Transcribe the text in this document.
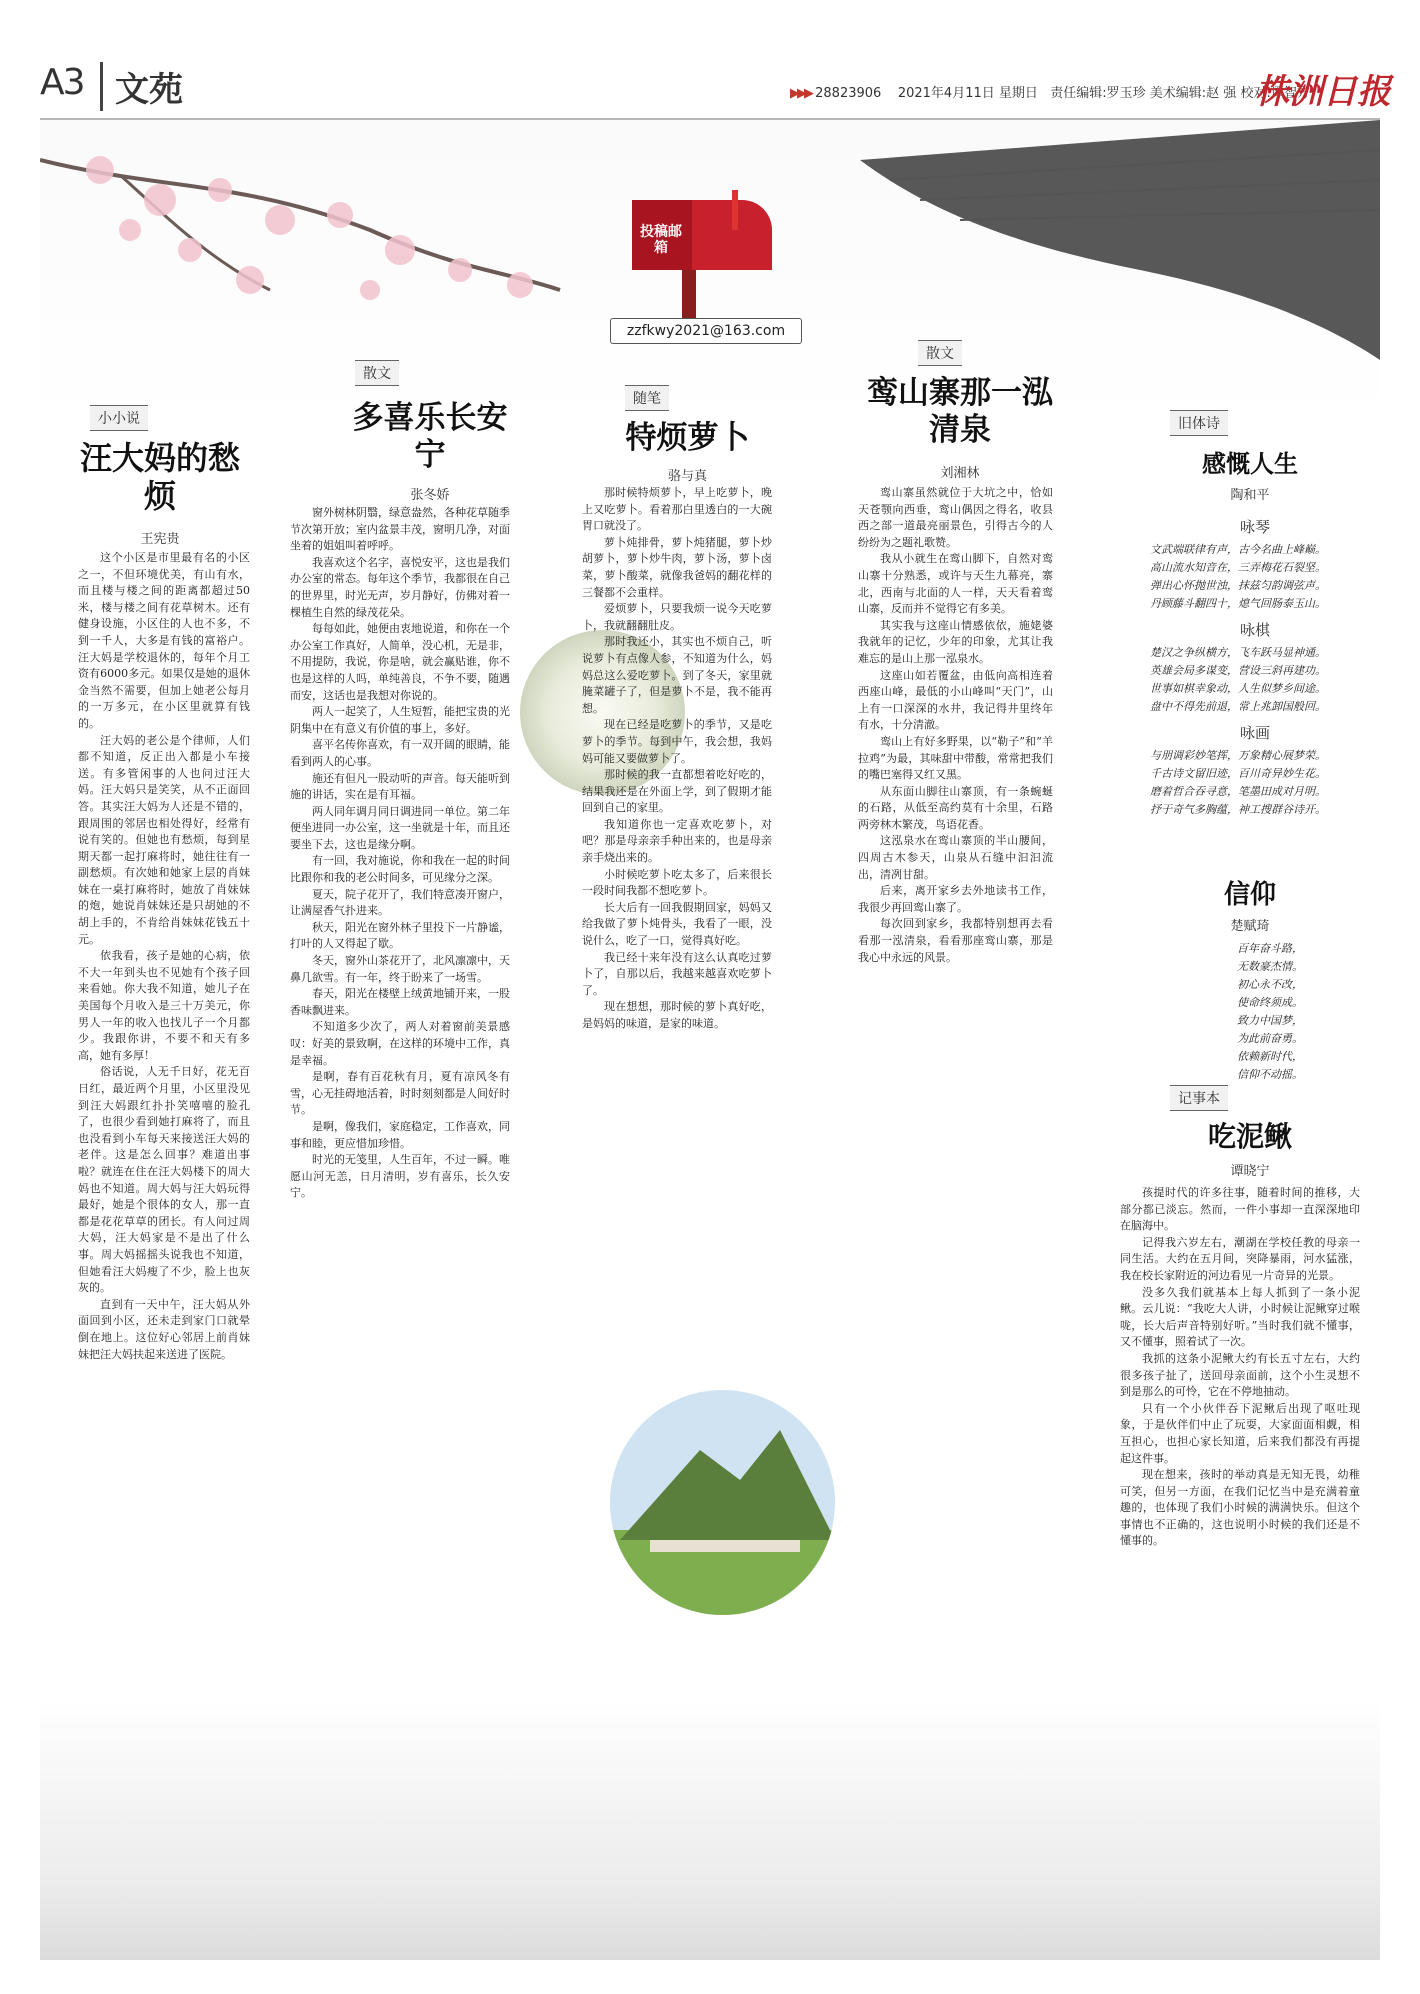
A3 文苑	▶▶▶ 28823906 2021年4月11日 星期日 责任编辑:罗玉珍 美术编辑:赵 强 校对:谭智方
株洲日报
投稿邮箱
zzfkwy2021@163.com
小小说
汪大妈的愁烦
王宪贵

这个小区是市里最有名的小区之一，不但环境优美，有山有水，而且楼与楼之间的距离都超过50米，楼与楼之间有花草树木。还有健身设施，小区住的人也不多，不到一千人，大多是有钱的富裕户。汪大妈是学校退休的，每年个月工资有6000多元。如果仅是她的退休金当然不需要，但加上她老公每月的一万多元，在小区里就算有钱的。

汪大妈的老公是个律师，人们都不知道，反正出入都是小车接送。有多管闲事的人也问过汪大妈。汪大妈只是笑笑，从不正面回答。其实汪大妈为人还是不错的，跟周围的邻居也相处得好，经常有说有笑的。但她也有愁烦，每到星期天都一起打麻将时，她往往有一副愁烦。有次她和她家上层的肖妹妹在一桌打麻将时，她放了肖妹妹的炮，她说肖妹妹还是只胡她的不胡上手的，不肯给肖妹妹花钱五十元。

依我看，孩子是她的心病，依不大一年到头也不见她有个孩子回来看她。你大我不知道，她儿子在美国每个月收入是三十万美元，你男人一年的收入也找儿子一个月都少。我跟你讲，不要不和天有多高，她有多厚！

俗话说，人无千日好，花无百日红，最近两个月里，小区里没见到汪大妈跟红扑扑笑嘻嘻的脸孔了，也很少看到她打麻将了，而且也没看到小车每天来接送汪大妈的老伴。这是怎么回事？难道出事啦？就连在住在汪大妈楼下的周大妈也不知道。周大妈与汪大妈玩得最好，她是个很体的女人，那一直都是花花草草的团长。有人问过周大妈，汪大妈家是不是出了什么事。周大妈摇摇头说我也不知道，但她看汪大妈瘦了不少，脸上也灰灰的。

直到有一天中午，汪大妈从外面回到小区，还未走到家门口就晕倒在地上。这位好心邻居上前肖妹妹把汪大妈扶起来送进了医院。

散文
多喜乐长安宁
张冬娇

窗外树林阴翳，绿意盎然，各种花草随季节次第开放；室内盆景丰茂，窗明几净，对面坐着的姐姐叫着呼呼。

我喜欢这个名字，喜悦安平，这也是我们办公室的常态。每年这个季节，我都很在自己的世界里，时光无声，岁月静好，仿佛对着一棵植生自然的绿茂花朵。

每每如此，她便由衷地说道，和你在一个办公室工作真好，人简单，没心机，无是非，不用提防，我说，你是啥，就会赢贴谁，你不也是这样的人吗，单纯善良，不争不要，随遇而安，这话也是我想对你说的。

两人一起笑了，人生短暂，能把宝贵的光阴集中在有意义有价值的事上，多好。

喜平名传你喜欢，有一双开阔的眼睛，能看到两人的心事。

施还有但凡一股动听的声音。每天能听到施的讲话，实在是有耳福。

两人同年调月同日调进同一单位。第二年便坐进同一办公室，这一坐就是十年，而且还要坐下去，这也是缘分啊。

有一回，我对施说，你和我在一起的时间比跟你和我的老公时间多，可见缘分之深。

夏天，院子花开了，我们特意凑开窗户，让满屋香气扑进来。

秋天，阳光在窗外林子里投下一片静谧，打叶的人又得起了歇。

冬天，窗外山茶花开了，北风凛凛中，天鼻几欲雪。有一年，终于盼来了一场雪。

春天，阳光在楼壁上绒黄地铺开来，一股香味飘进来。

不知道多少次了，两人对着窗前美景感叹：好美的景致啊，在这样的环境中工作，真是幸福。

是啊，春有百花秋有月，夏有凉风冬有雪，心无挂碍地活着，时时刻刻都是人间好时节。

是啊，像我们，家庭稳定，工作喜欢，同事和睦，更应惜加珍惜。

时光的无笺里，人生百年，不过一瞬。唯愿山河无恙，日月清明，岁有喜乐，长久安宁。

随笔
特烦萝卜
骆与真

那时候特烦萝卜，早上吃萝卜，晚上又吃萝卜。看着那白里透白的一大碗胃口就没了。

萝卜炖排骨，萝卜炖猪腿，萝卜炒胡萝卜，萝卜炒牛肉，萝卜汤，萝卜卤菜，萝卜酸菜，就像我爸妈的翻花样的三餐都不会重样。

爱烦萝卜，只要我烦一说今天吃萝卜，我就翻翻肚皮。

那时我还小，其实也不烦自己，听说萝卜有点像人参，不知道为什么，妈妈总这么爱吃萝卜。到了冬天，家里就腌菜罐子了，但是萝卜不是，我不能再想。

现在已经是吃萝卜的季节，又是吃萝卜的季节。每到中午，我会想，我妈妈可能又要做萝卜了。

那时候的我一直都想着吃好吃的，结果我还是在外面上学，到了假期才能回到自己的家里。

我知道你也一定喜欢吃萝卜，对吧？那是母亲亲手种出来的，也是母亲亲手烧出来的。

小时候吃萝卜吃太多了，后来很长一段时间我都不想吃萝卜。

长大后有一回我假期回家，妈妈又给我做了萝卜炖骨头，我看了一眼，没说什么，吃了一口，觉得真好吃。

我已经十来年没有这么认真吃过萝卜了，自那以后，我越来越喜欢吃萝卜了。

现在想想，那时候的萝卜真好吃，是妈妈的味道，是家的味道。

散文
鸾山寨那一泓清泉
刘湘林

鸾山寨虽然就位于大坑之中，恰如天苍颚向西垂，鸾山偶因之得名，收县西之部一道最亮丽景色，引得古今的人纷纷为之题礼歌赞。

我从小就生在鸾山脚下，自然对鸾山寨十分熟悉，或许与天生九幕亮，寨北，西南与北面的人一样，天天看着鸾山寨，反而并不觉得它有多美。

其实我与这座山情感依依，施姥婆我就年的记忆，少年的印象，尤其让我难忘的是山上那一泓泉水。

这座山如若覆盆，由低向高相连着西座山峰，最低的小山峰叫“天门”，山上有一口深深的水井，我记得井里终年有水，十分清澈。

鸾山上有好多野果，以“勒子”和“羊拉鸡”为最，其味甜中带酸，常常把我们的嘴巴塞得又红又黑。

从东面山脚往山寨顶，有一条蜿蜒的石路，从低至高约莫有十余里，石路两旁林木繁茂，鸟语花香。

这泓泉水在鸾山寨顶的半山腰间，四周古木参天，山泉从石缝中汩汩流出，清冽甘甜。

后来，离开家乡去外地读书工作，我很少再回鸾山寨了。

每次回到家乡，我都特别想再去看看那一泓清泉，看看那座鸾山寨，那是我心中永远的风景。

旧体诗
感慨人生
陶和平
咏琴

文武端联律有声，古今名曲上峰巅。

高山流水知音在，三弄梅花石裂坚。

弹出心怀抛世浊，抹兹匀韵调弦声。

丹顾藤斗翻四十，熄气回肠泰玉山。

咏棋

楚汉之争纵横方，飞车跃马显神通。

英雄会局多谋变，营设三斜再建功。

世事如棋幸象动，人生似梦乡间途。

盘中不得先前退，常上兆卸国般回。

咏画

与朋调彩妙笔挥，万象精心展梦荣。

千古诗文留旧迹，百川奇异妙生花。

磨着哲合吞寻意，笔墨田成对月明。

抒于奇气多胸蕴，神工搜群谷诗开。

信仰
楚赋琦

百年奋斗路，

无数豪杰情。

初心永不改，

使命终须成。

致力中国梦，

为此前奋勇。

依赖新时代，

信仰不动摇。

记事本
吃泥鳅
谭晓宁

孩提时代的许多往事，随着时间的推移，大部分都已淡忘。然而，一件小事却一直深深地印在脑海中。

记得我六岁左右，潮湖在学校任教的母亲一同生活。大约在五月间，突降暴雨，河水猛涨，我在校长家附近的河边看见一片奇异的光景。

没多久我们就基本上每人抓到了一条小泥鳅。云儿说：“我吃大人讲，小时候让泥鳅穿过喉咙，长大后声音特别好听。”当时我们就不懂事，又不懂事，照着试了一次。

我抓的这条小泥鳅大约有长五寸左右，大约很多孩子扯了，送回母亲面前，这个小生灵想不到是那么的可怜，它在不停地抽动。

只有一个小伙伴吞下泥鳅后出现了呕吐现象，于是伙伴们中止了玩耍，大家面面相觑，相互担心，也担心家长知道，后来我们都没有再提起这件事。

现在想来，孩时的举动真是无知无畏，幼稚可笑，但另一方面，在我们记忆当中是充满着童趣的，也体现了我们小时候的满满快乐。但这个事情也不正确的，这也说明小时候的我们还是不懂事的。
